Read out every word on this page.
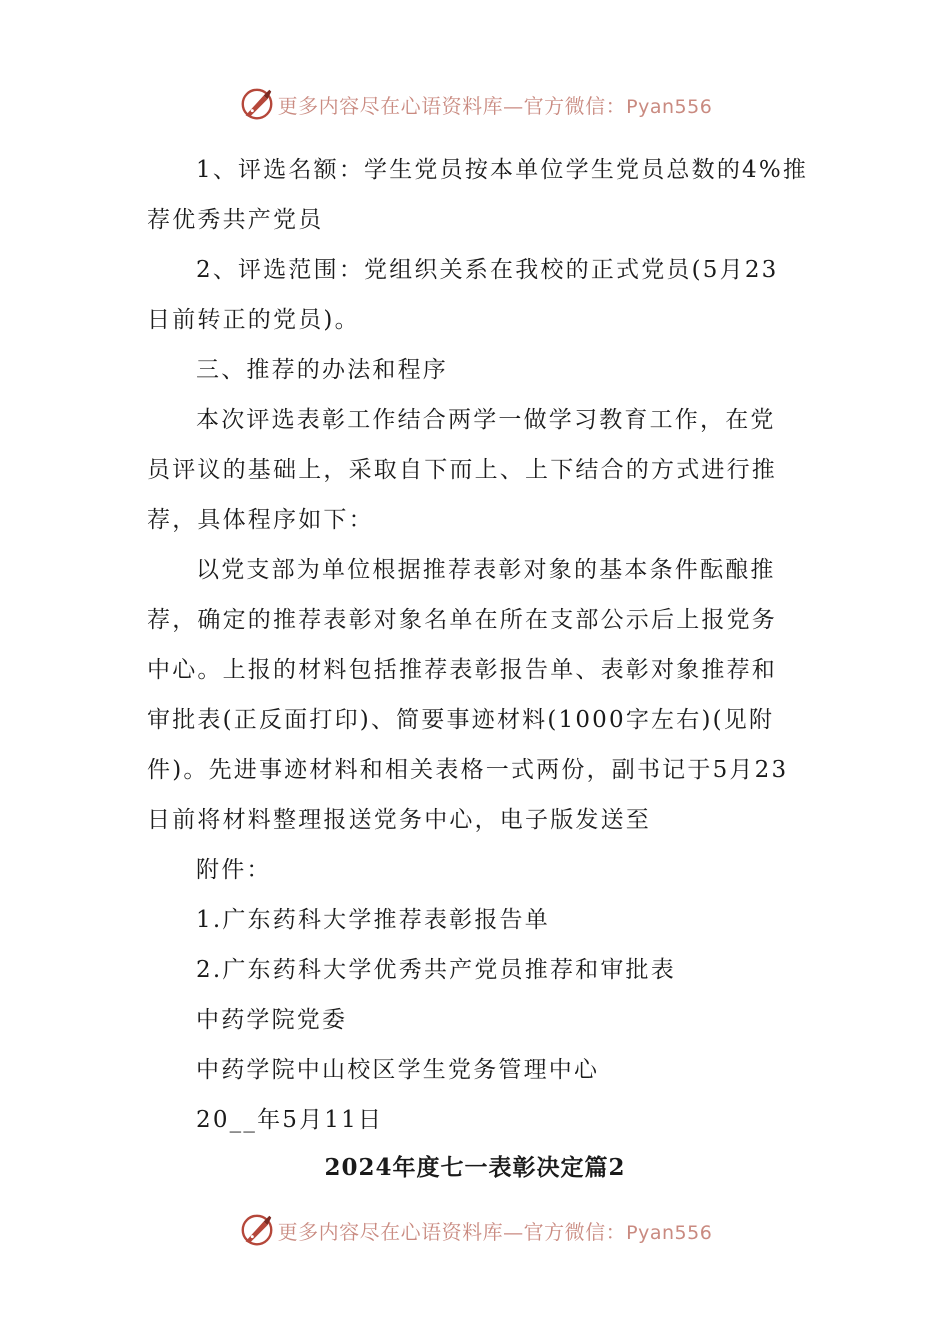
更多内容尽在心语资料库—官方微信：Pyan556
1、评选名额：学生党员按本单位学生党员总数的4%推
荐优秀共产党员
2、评选范围：党组织关系在我校的正式党员(5月23
日前转正的党员)。
三、推荐的办法和程序
本次评选表彰工作结合两学一做学习教育工作，在党
员评议的基础上，采取自下而上、上下结合的方式进行推
荐，具体程序如下：
以党支部为单位根据推荐表彰对象的基本条件酝酿推
荐，确定的推荐表彰对象名单在所在支部公示后上报党务
中心。上报的材料包括推荐表彰报告单、表彰对象推荐和
审批表(正反面打印)、简要事迹材料(1000字左右)(见附
件)。先进事迹材料和相关表格一式两份，副书记于5月23
日前将材料整理报送党务中心，电子版发送至
附件：
1.广东药科大学推荐表彰报告单
2.广东药科大学优秀共产党员推荐和审批表
中药学院党委
中药学院中山校区学生党务管理中心
20__年5月11日
2024年度七一表彰决定篇2
更多内容尽在心语资料库—官方微信：Pyan556
